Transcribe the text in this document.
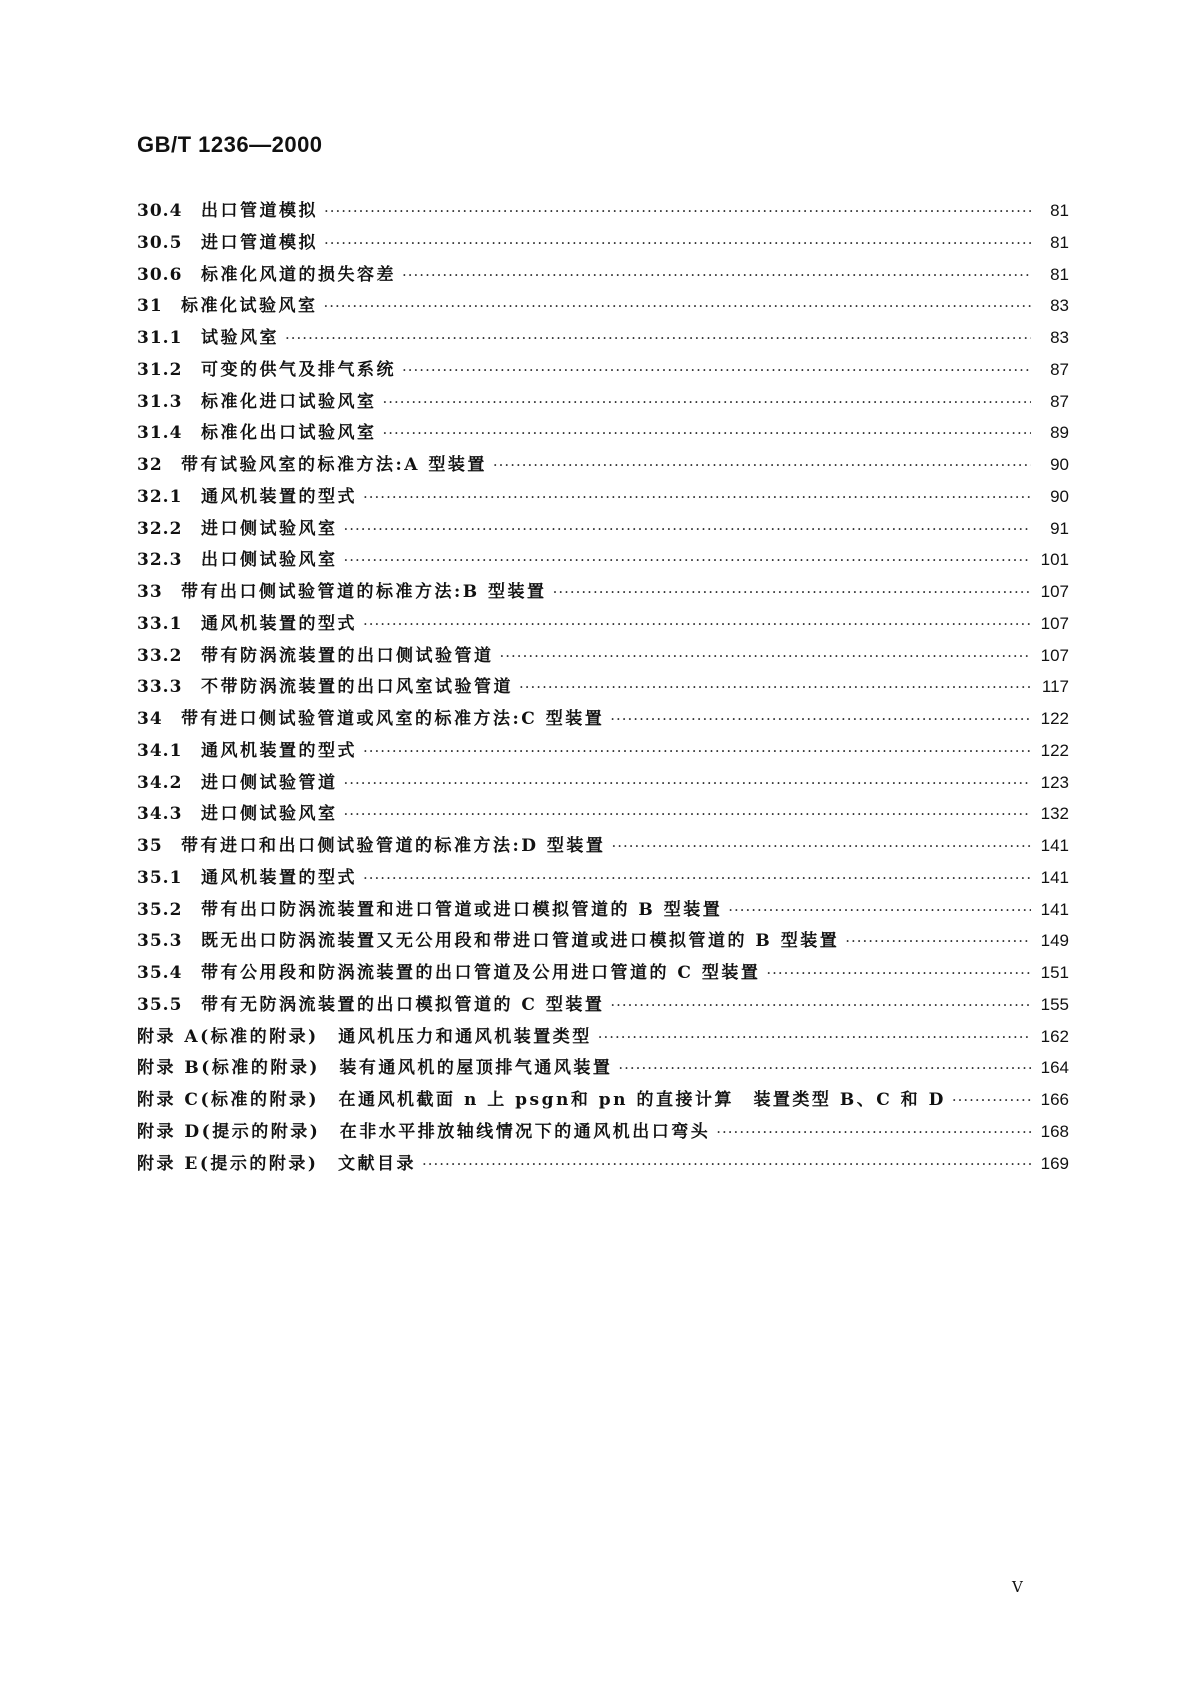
GB/T 1236—2000
30.4	出口管道模拟 ·····	81
30.5	进口管道模拟 ·····	81
30.6	标准化风道的损失容差 ·····	81
31	标准化试验风室 ·····	83
31.1	试验风室 ·····	83
31.2	可变的供气及排气系统 ·····	87
31.3	标准化进口试验风室 ·····	87
31.4	标准化出口试验风室 ·····	89
32	带有试验风室的标准方法:A 型装置 ·····	90
32.1	通风机装置的型式 ·····	90
32.2	进口侧试验风室 ·····	91
32.3	出口侧试验风室 ·····	101
33	带有出口侧试验管道的标准方法:B 型装置 ·····	107
33.1	通风机装置的型式 ·····	107
33.2	带有防涡流装置的出口侧试验管道 ·····	107
33.3	不带防涡流装置的出口风室试验管道 ·····	117
34	带有进口侧试验管道或风室的标准方法:C 型装置 ·····	122
34.1	通风机装置的型式 ·····	122
34.2	进口侧试验管道 ·····	123
34.3	进口侧试验风室 ·····	132
35	带有进口和出口侧试验管道的标准方法:D 型装置 ·····	141
35.1	通风机装置的型式 ·····	141
35.2	带有出口防涡流装置和进口管道或进口模拟管道的 B 型装置 ·····	141
35.3	既无出口防涡流装置又无公用段和带进口管道或进口模拟管道的 B 型装置 ·····	149
35.4	带有公用段和防涡流装置的出口管道及公用进口管道的 C 型装置 ·····	151
35.5	带有无防涡流装置的出口模拟管道的 C 型装置 ·····	155
附录 A(标准的附录)　通风机压力和通风机装置类型 ·····	162
附录 B(标准的附录)　装有通风机的屋顶排气通风装置 ·····	164
附录 C(标准的附录)　在通风机截面 n 上 psgn和 pn 的直接计算　装置类型 B、C 和 D ·····	166
附录 D(提示的附录)　在非水平排放轴线情况下的通风机出口弯头 ·····	168
附录 E(提示的附录)　文献目录 ·····	169
Ⅴ
